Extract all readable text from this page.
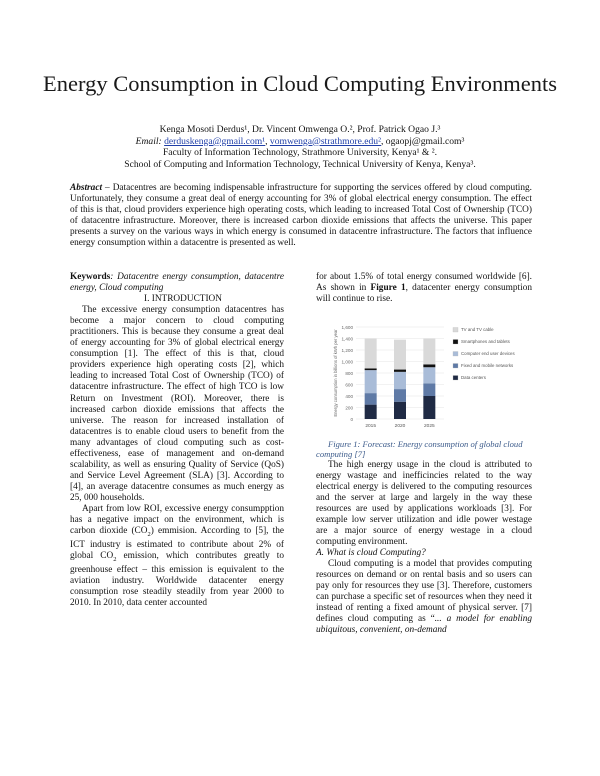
Energy Consumption in Cloud Computing Environments
Kenga Mosoti Derdus¹, Dr. Vincent Omwenga O.², Prof. Patrick Ogao J.³
Email: derduskenga@gmail.com¹, vomwenga@strathmore.edu², ogaopj@gmail.com³
Faculty of Information Technology, Strathmore University, Kenya¹ & ².
School of Computing and Information Technology, Technical University of Kenya, Kenya³.
Abstract – Datacentres are becoming indispensable infrastructure for supporting the services offered by cloud computing. Unfortunately, they consume a great deal of energy accounting for 3% of global electrical energy consumption. The effect of this is that, cloud providers experience high operating costs, which leading to increased Total Cost of Ownership (TCO) of datacentre infrastructure. Moreover, there is increased carbon dioxide emissions that affects the universe. This paper presents a survey on the various ways in which energy is consumed in datacentre infrastructure. The factors that influence energy consumption within a datacentre is presented as well.

Keywords: Datacentre energy consumption, datacentre energy, Cloud computing

I. INTRODUCTION

The excessive energy consumption datacentres has become a major concern to cloud computing practitioners. This is because they consume a great deal of energy accounting for 3% of global electrical energy consumption [1]. The effect of this is that, cloud providers experience high operating costs [2], which leading to increased Total Cost of Ownership (TCO) of datacentre infrastructure. The effect of high TCO is low Return on Investment (ROI). Moreover, there is increased carbon dioxide emissions that affects the universe. The reason for increased installation of datacentres is to enable cloud users to benefit from the many advantages of cloud computing such as cost-effectiveness, ease of management and on-demand scalability, as well as ensuring Quality of Service (QoS) and Service Level Agreement (SLA) [3]. According to [4], an average datacentre consumes as much energy as 25, 000 households.

Apart from low ROI, excessive energy consumpption has a negative impact on the environment, which is carbon dioxide $(CO_2)$ emmision. According to [5], the ICT industry is estimated to contribute about 2% of global $CO_2$ emission, which contributes greatly to greenhouse effect – this emission is equivalent to the aviation industry. Worldwide datacenter energy consumption rose steadily steadily from year 2000 to 2010. In 2010, data center accounted

for about 1.5% of total energy consumed worldwide [6]. As shown in Figure 1, datacenter energy consumption will continue to rise.

0
200
400
600
800
1,000
1,200
1,400
1,600
Energy consumption in billions of kWh per year
2015	2020	2025
TV and TV cable
Smartphones and tablets
Computer end user devices
Fixed and mobile networks
Data centers

Figure 1: Forecast: Energy consumption of global cloud computing [7]

The high energy usage in the cloud is attributed to energy wastage and inefficincies related to the way electrical energy is delivered to the computing resources and the server at large and largely in the way these resources are used by applications workloads [3]. For example low server utilization and idle power westage are a major source of energy westage in a cloud computing environment.

A. What is cloud Computing?

Cloud computing is a model that provides computing resources on demand or on rental basis and so users can pay only for resources they use [3]. Therefore, customers can purchase a specific set of resources when they need it instead of renting a fixed amount of physical server. [7] defines cloud computing as “... a model for enabling ubiquitous, convenient, on-demand
